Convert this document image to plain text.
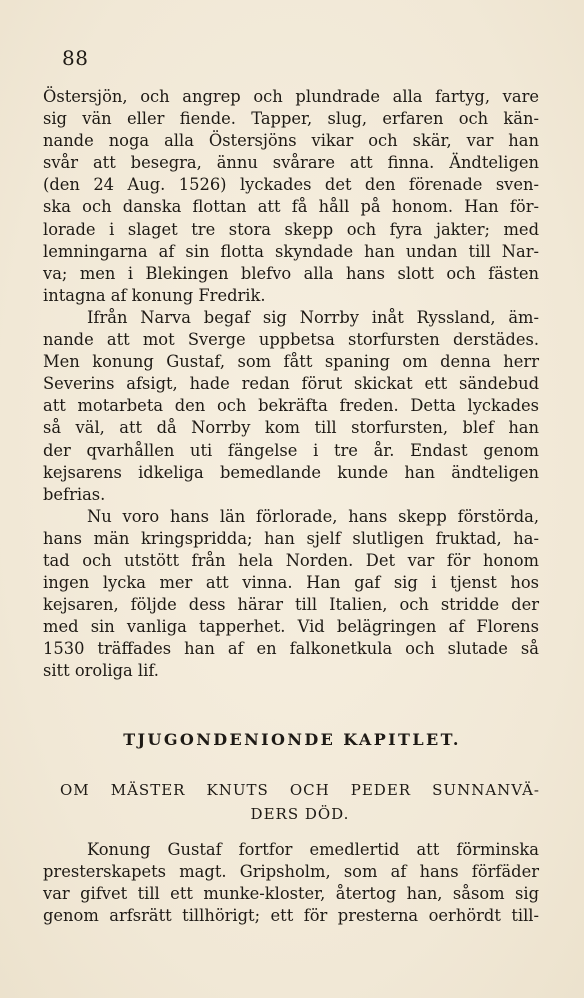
88
Östersjön, och angrep och plundrade alla fartyg, vare
sig vän eller fiende. Tapper, slug, erfaren och kän-
nande noga alla Östersjöns vikar och skär, var han
svår att besegra, ännu svårare att finna. Ändteligen
(den 24 Aug. 1526) lyckades det den förenade sven-
ska och danska flottan att få håll på honom. Han för-
lorade i slaget tre stora skepp och fyra jakter; med
lemningarna af sin flotta skyndade han undan till Nar-
va; men i Blekingen blefvo alla hans slott och fästen
intagna af konung Fredrik.
Ifrån Narva begaf sig Norrby inåt Ryssland, äm-
nande att mot Sverge uppbetsa storfursten derstädes.
Men konung Gustaf, som fått spaning om denna herr
Severins afsigt, hade redan förut skickat ett sändebud
att motarbeta den och bekräfta freden. Detta lyckades
så väl, att då Norrby kom till storfursten, blef han
der qvarhållen uti fängelse i tre år. Endast genom
kejsarens idkeliga bemedlande kunde han ändteligen
befrias.
Nu voro hans län förlorade, hans skepp förstörda,
hans män kringspridda; han sjelf slutligen fruktad, ha-
tad och utstött från hela Norden. Det var för honom
ingen lycka mer att vinna. Han gaf sig i tjenst hos
kejsaren, följde dess härar till Italien, och stridde der
med sin vanliga tapperhet. Vid belägringen af Florens
1530 träffades han af en falkonetkula och slutade så
sitt oroliga lif.
TJUGONDENIONDE KAPITLET.
OM MÄSTER KNUTS OCH PEDER SUNNANVÄ-
DERS DÖD.
Konung Gustaf fortfor emedlertid att förminska
presterskapets magt. Gripsholm, som af hans förfäder
var gifvet till ett munke-kloster, återtog han, såsom sig
genom arfsrätt tillhörigt; ett för presterna oerhördt till-
